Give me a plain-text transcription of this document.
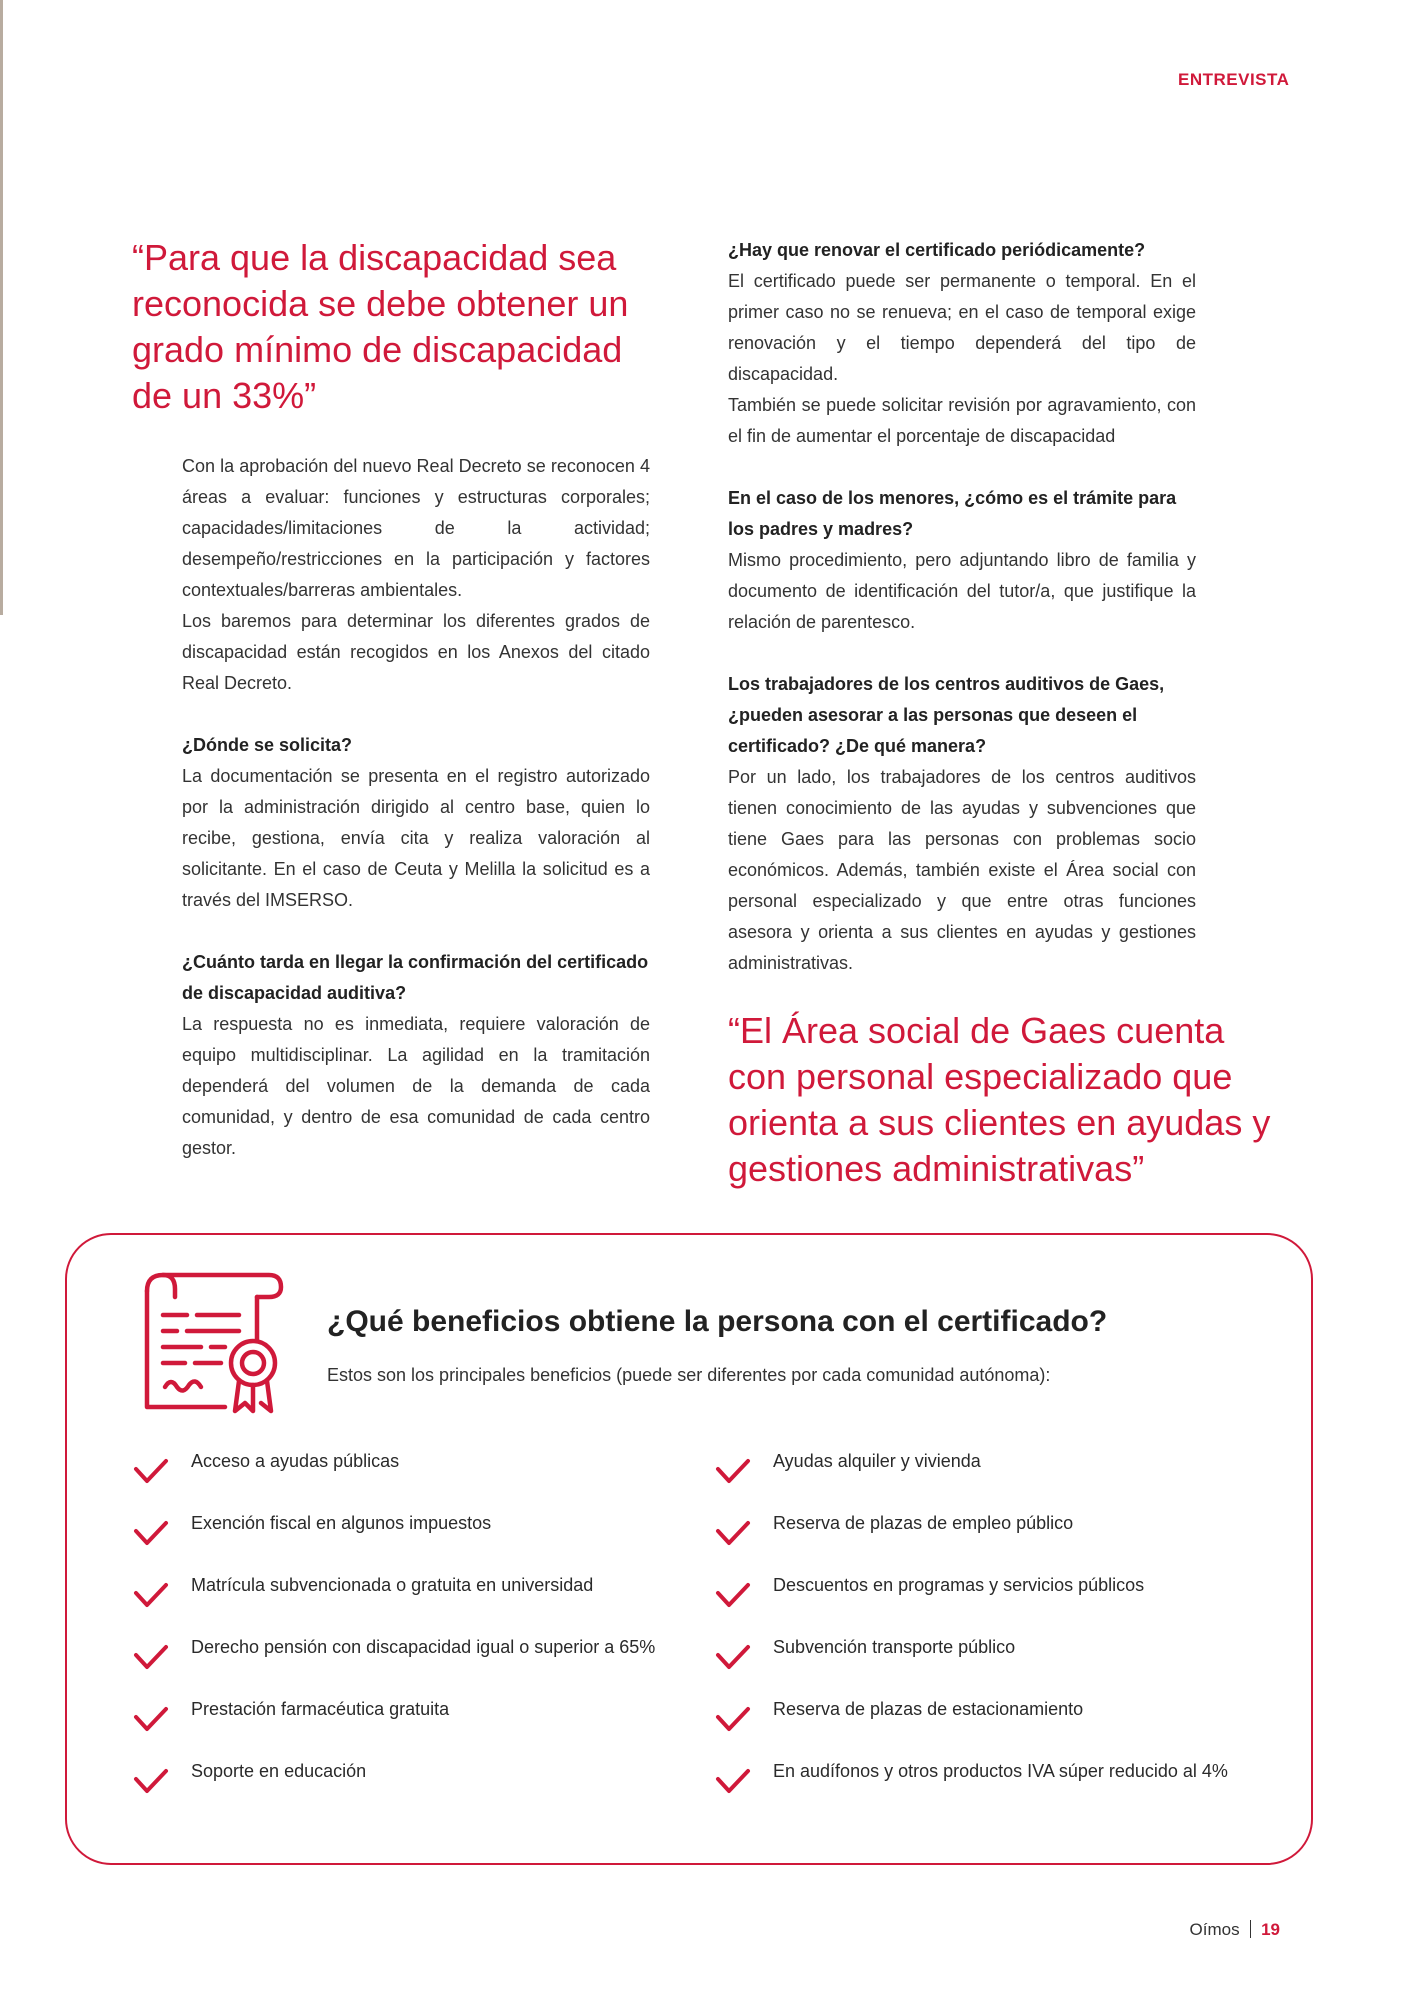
ENTREVISTA

“Para que la discapacidad sea reconocida se debe obtener un grado mínimo de discapacidad de un 33%”

Con la aprobación del nuevo Real Decreto se reconocen 4 áreas a evaluar: funciones y estructuras corporales; capacidades/limitaciones de la actividad; desempeño/restricciones en la participación y factores contextuales/barreras ambientales.

Los baremos para determinar los diferentes grados de discapacidad están recogidos en los Anexos del citado Real Decreto.

¿Dónde se solicita?

La documentación se presenta en el registro autorizado por la administración dirigido al centro base, quien lo recibe, gestiona, envía cita y realiza valoración al solicitante. En el caso de Ceuta y Melilla la solicitud es a través del IMSERSO.

¿Cuánto tarda en llegar la confirmación del certificado de discapacidad auditiva?

La respuesta no es inmediata, requiere valoración de equipo multidisciplinar. La agilidad en la tramitación dependerá del volumen de la demanda de cada comunidad, y dentro de esa comunidad de cada centro gestor.

¿Hay que renovar el certificado periódicamente?

El certificado puede ser permanente o temporal. En el primer caso no se renueva; en el caso de temporal exige renovación y el tiempo dependerá del tipo de discapacidad.

También se puede solicitar revisión por agravamiento, con el fin de aumentar el porcentaje de discapacidad

En el caso de los menores, ¿cómo es el trámite para los padres y madres?

Mismo procedimiento, pero adjuntando libro de familia y documento de identificación del tutor/a, que justifique la relación de parentesco.

Los trabajadores de los centros auditivos de Gaes, ¿pueden asesorar a las personas que deseen el certificado? ¿De qué manera?

Por un lado, los trabajadores de los centros auditivos tienen conocimiento de las ayudas y subvenciones que tiene Gaes para las personas con problemas socio económicos. Además, también existe el Área social con personal especializado y que entre otras funciones asesora y orienta a sus clientes en ayudas y gestiones administrativas.

“El Área social de Gaes cuenta con personal especializado que orienta a sus clientes en ayudas y gestiones administrativas”

¿Qué beneficios obtiene la persona con el certificado?

Estos son los principales beneficios (puede ser diferentes por cada comunidad autónoma):

Acceso a ayudas públicas
Exención fiscal en algunos impuestos
Matrícula subvencionada o gratuita en universidad
Derecho pensión con discapacidad igual o superior a 65%
Prestación farmacéutica gratuita
Soporte en educación
Ayudas alquiler y vivienda
Reserva de plazas de empleo público
Descuentos en programas y servicios públicos
Subvención transporte público
Reserva de plazas de estacionamiento
En audífonos y otros productos IVA súper reducido al 4%
Oímos 19
